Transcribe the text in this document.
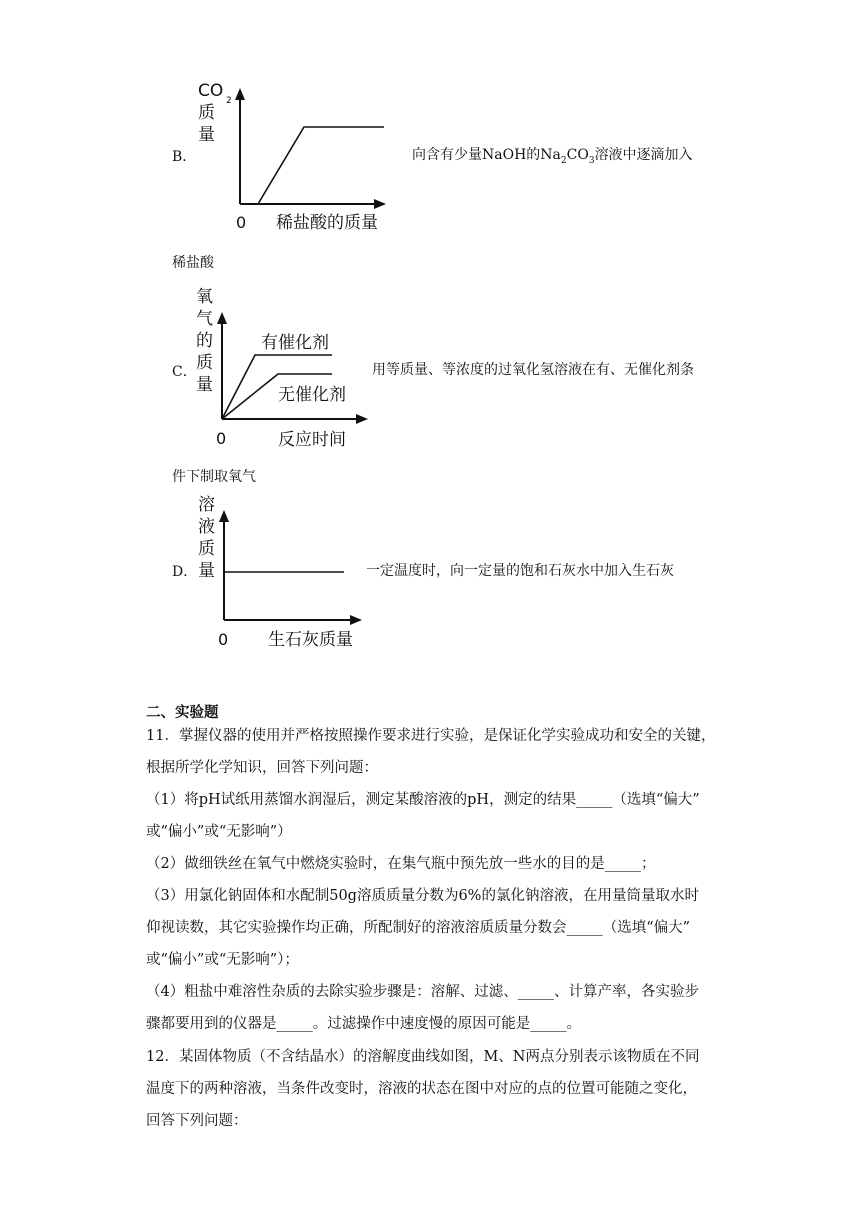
B．
CO 2
质
量
0 稀盐酸的质量
向含有少量NaOH的$Na_2CO_3$溶液中逐滴加入
稀盐酸
C．
氧
气
的
质
量
有催化剂
无催化剂
0	反应时间
用等质量、等浓度的过氧化氢溶液在有、无催化剂条
件下制取氧气
D．
溶
液
质
量
0 生石灰质量
一定温度时，向一定量的饱和石灰水中加入生石灰
二、实验题
11．掌握仪器的使用并严格按照操作要求进行实验，是保证化学实验成功和安全的关键，
根据所学化学知识，回答下列问题：
（1）将pH试纸用蒸馏水润湿后，测定某酸溶液的pH，测定的结果_____（选填“偏大”
或“偏小”或“无影响”）
（2）做细铁丝在氧气中燃烧实验时，在集气瓶中预先放一些水的目的是_____；
（3）用氯化钠固体和水配制50g溶质质量分数为6%的氯化钠溶液，在用量筒量取水时
仰视读数，其它实验操作均正确，所配制好的溶液溶质质量分数会_____（选填“偏大”
或“偏小”或“无影响”）；
（4）粗盐中难溶性杂质的去除实验步骤是：溶解、过滤、_____、计算产率，各实验步
骤都要用到的仪器是_____。过滤操作中速度慢的原因可能是_____。
12．某固体物质（不含结晶水）的溶解度曲线如图，M、N两点分别表示该物质在不同
温度下的两种溶液，当条件改变时，溶液的状态在图中对应的点的位置可能随之变化，
回答下列问题：
